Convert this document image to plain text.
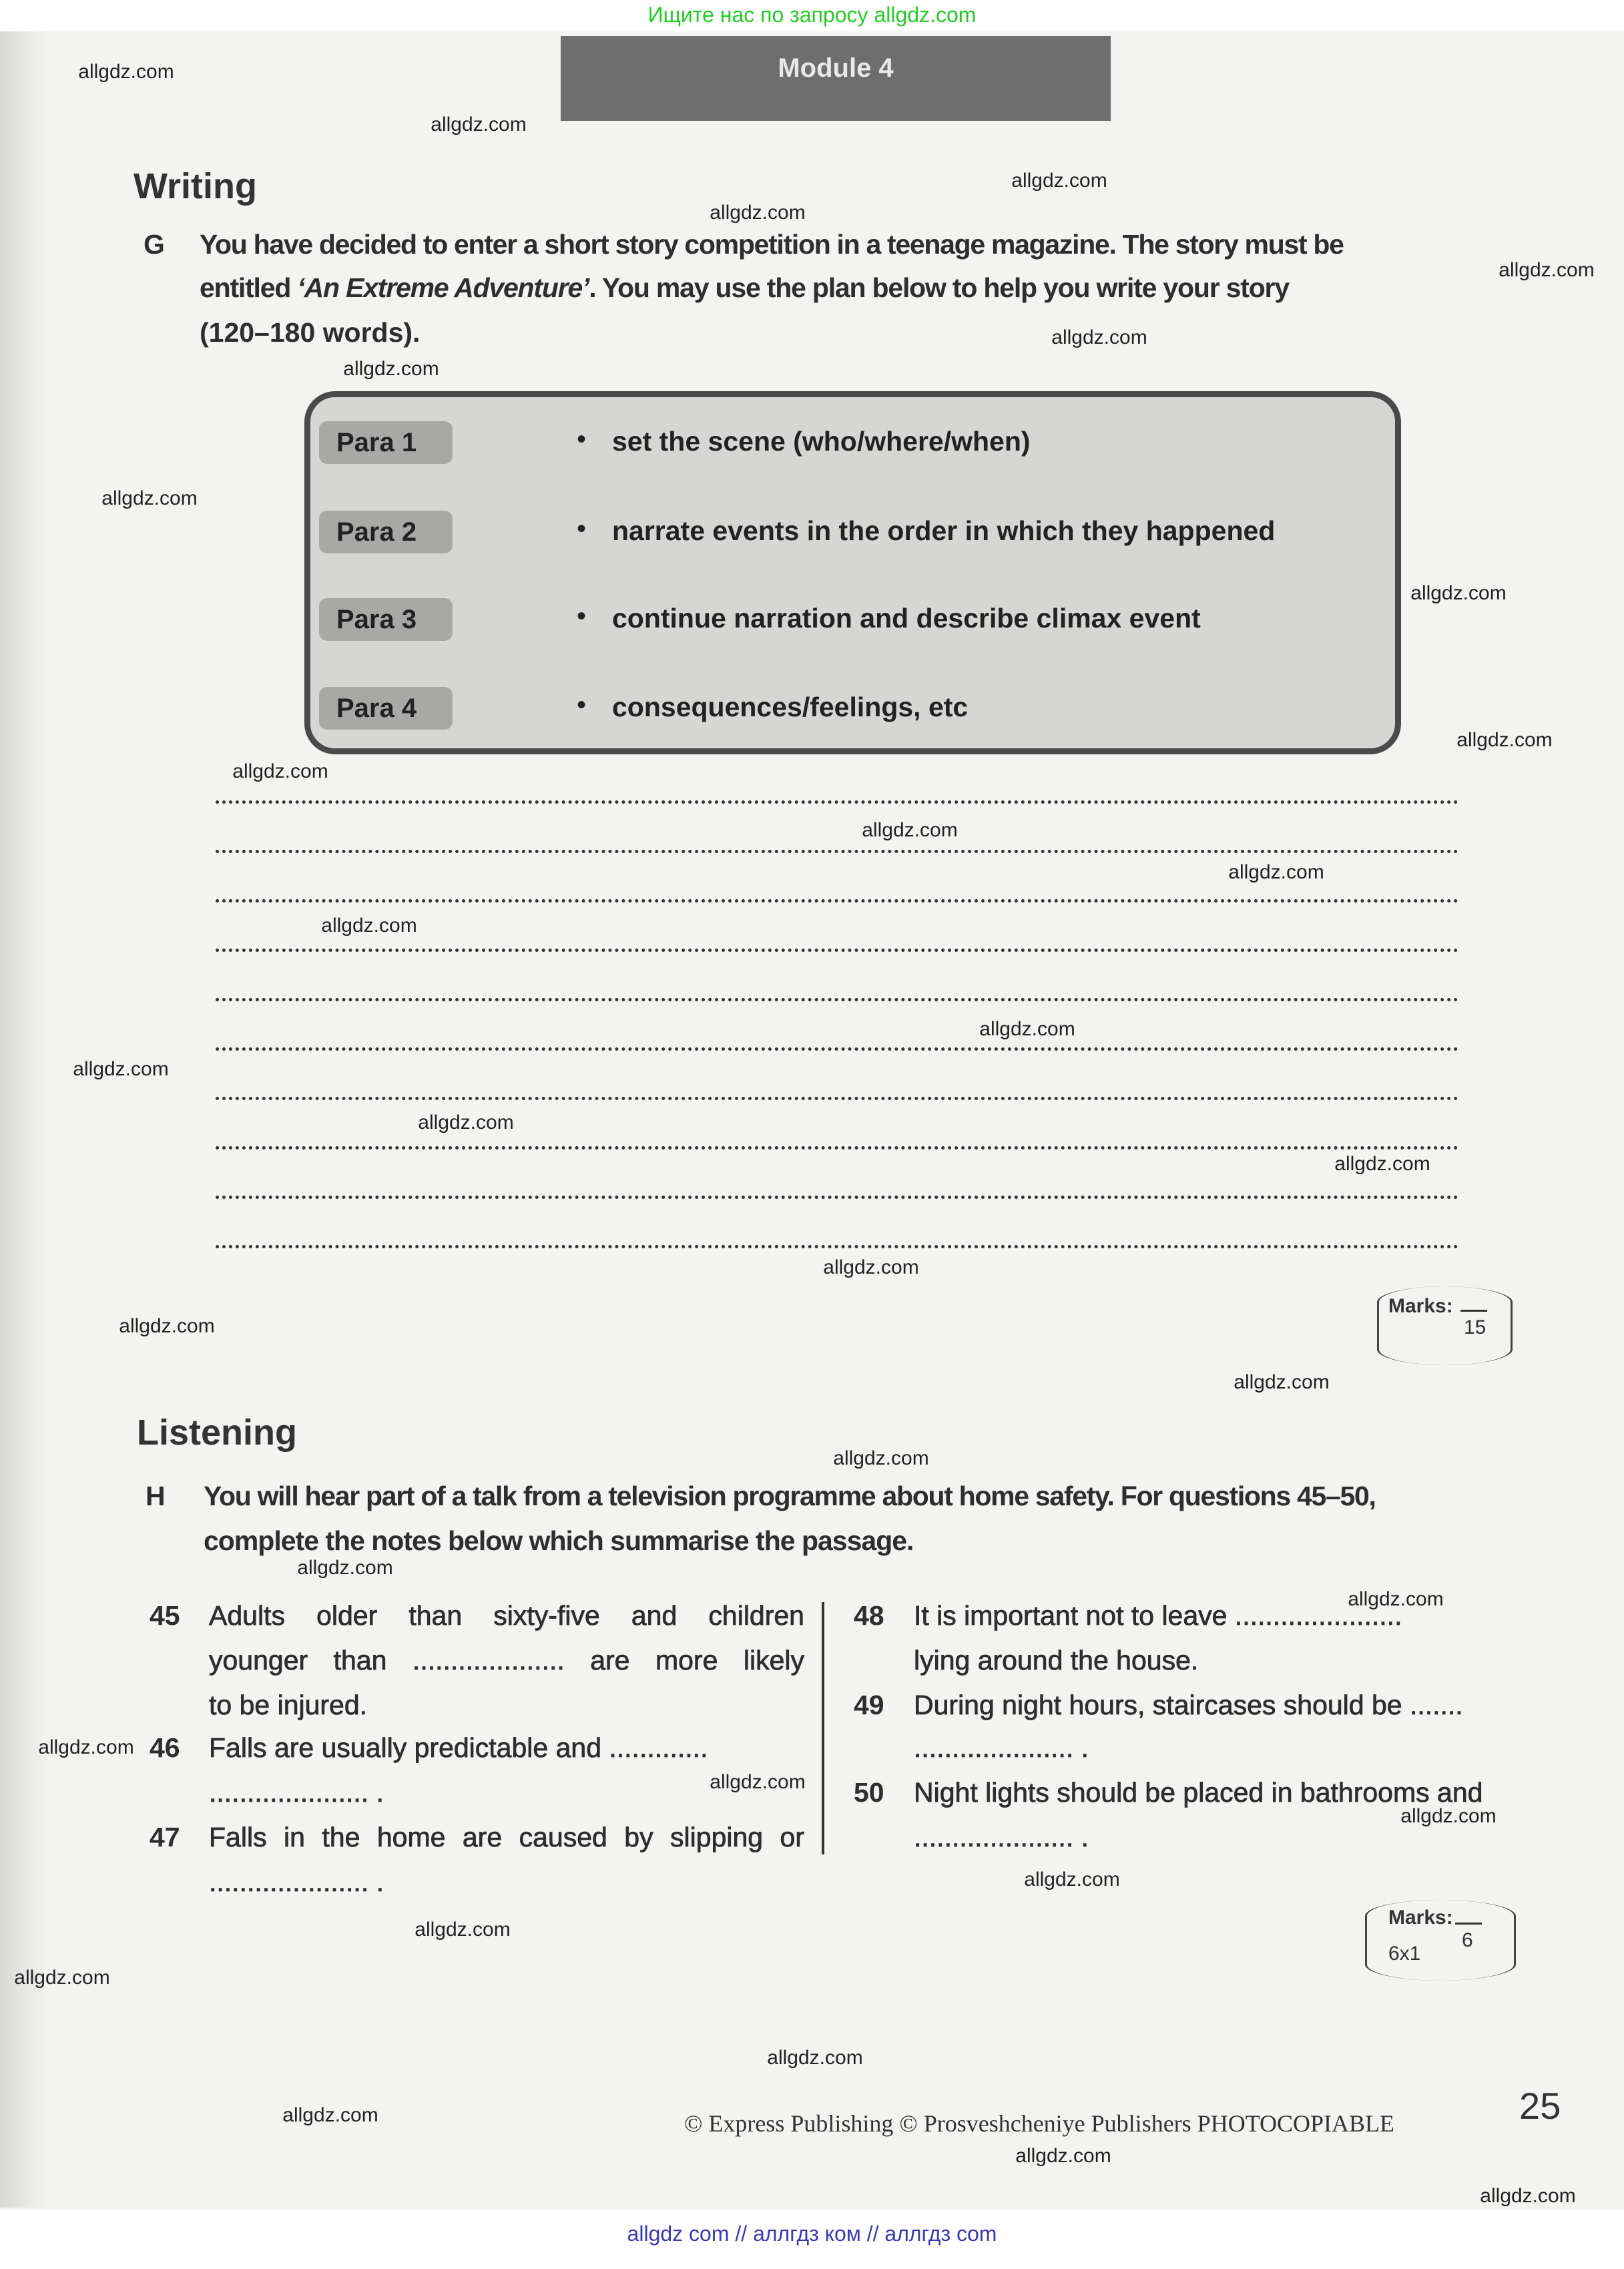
Ищите нас по запросу allgdz.com
Module 4
Writing
G You have decided to enter a short story competition in a teenage magazine. The story must be
entitled ‘An Extreme Adventure’. You may use the plan below to help you write your story
(120–180 words).
Para 1	• set the scene (who/where/when)
Para 2	• narrate events in the order in which they happened
Para 3	• continue narration and describe climax event
Para 4	• consequences/feelings, etc
Marks:
15
Listening
H You will hear part of a talk from a television programme about home safety. For questions 45–50,
complete the notes below which summarise the passage.
45 Adults older than sixty-five and children
younger than .................... are more likely
to be injured.
46 Falls are usually predictable and .............
..................... .
47 Falls in the home are caused by slipping or
..................... .
48 It is important not to leave ......................
lying around the house.
49 During night hours, staircases should be .......
..................... .
50 Night lights should be placed in bathrooms and
..................... .
Marks:
6
6x1
25
© Express Publishing © Prosveshcheniye Publishers PHOTOCOPIABLE
allgdz com // аллгдз ком // аллгдз com
allgdz.com
allgdz.com
allgdz.com
allgdz.com
allgdz.com
allgdz.com
allgdz.com
allgdz.com
allgdz.com
allgdz.com
allgdz.com
allgdz.com
allgdz.com
allgdz.com
allgdz.com
allgdz.com
allgdz.com
allgdz.com
allgdz.com
allgdz.com
allgdz.com
allgdz.com
allgdz.com
allgdz.com
allgdz.com
allgdz.com
allgdz.com
allgdz.com
allgdz.com
allgdz.com
allgdz.com
allgdz.com
allgdz.com
allgdz.com
